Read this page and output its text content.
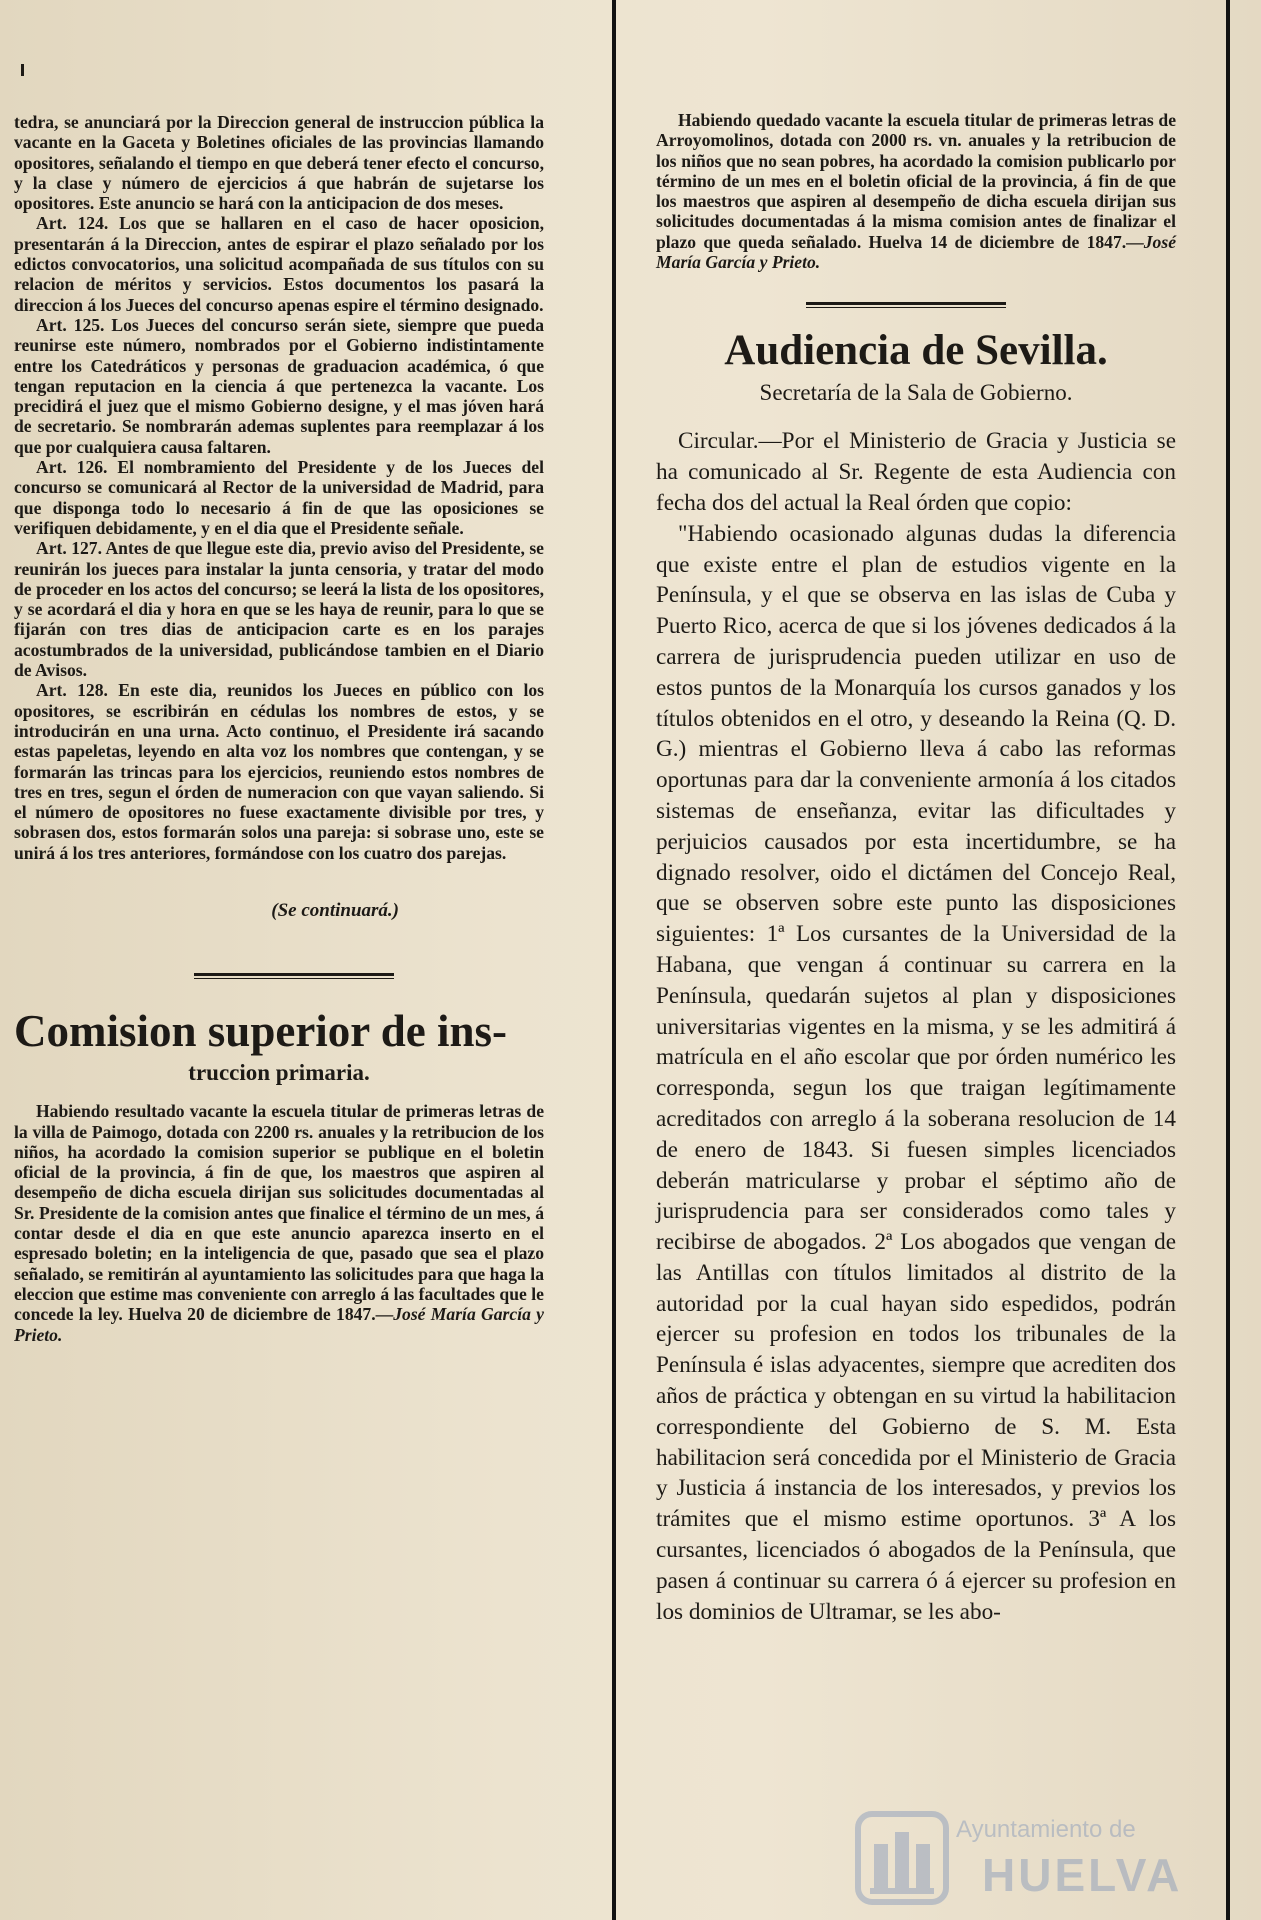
tedra, se anunciará por la Direccion general de instruccion pública la vacante en la Gaceta y Boletines oficiales de las provincias llamando opositores, señalando el tiempo en que deberá tener efecto el concurso, y la clase y número de ejercicios á que habrán de sujetarse los opositores. Este anuncio se hará con la anticipacion de dos meses.

Art. 124. Los que se hallaren en el caso de hacer oposicion, presentarán á la Direccion, antes de espirar el plazo señalado por los edictos convocatorios, una solicitud acompañada de sus títulos con su relacion de méritos y servicios. Estos documentos los pasará la direccion á los Jueces del concurso apenas espire el término designado.

Art. 125. Los Jueces del concurso serán siete, siempre que pueda reunirse este número, nombrados por el Gobierno indistintamente entre los Catedráticos y personas de graduacion académica, ó que tengan reputacion en la ciencia á que pertenezca la vacante. Los precidirá el juez que el mismo Gobierno designe, y el mas jóven hará de secretario. Se nombrarán ademas suplentes para reemplazar á los que por cualquiera causa faltaren.

Art. 126. El nombramiento del Presidente y de los Jueces del concurso se comunicará al Rector de la universidad de Madrid, para que disponga todo lo necesario á fin de que las oposiciones se verifiquen debidamente, y en el dia que el Presidente señale.

Art. 127. Antes de que llegue este dia, previo aviso del Presidente, se reunirán los jueces para instalar la junta censoria, y tratar del modo de proceder en los actos del concurso; se leerá la lista de los opositores, y se acordará el dia y hora en que se les haya de reunir, para lo que se fijarán con tres dias de anticipacion carte es en los parajes acostumbrados de la universidad, publicándose tambien en el Diario de Avisos.

Art. 128. En este dia, reunidos los Jueces en público con los opositores, se escribirán en cédulas los nombres de estos, y se introducirán en una urna. Acto continuo, el Presidente irá sacando estas papeletas, leyendo en alta voz los nombres que contengan, y se formarán las trincas para los ejercicios, reuniendo estos nombres de tres en tres, segun el órden de numeracion con que vayan saliendo. Si el número de opositores no fuese exactamente divisible por tres, y sobrasen dos, estos formarán solos una pareja: si sobrase uno, este se unirá á los tres anteriores, formándose con los cuatro dos parejas.

(Se continuará.)

Comision superior de ins-

truccion primaria.

Habiendo resultado vacante la escuela titular de primeras letras de la villa de Paimogo, dotada con 2200 rs. anuales y la retribucion de los niños, ha acordado la comision superior se publique en el boletin oficial de la provincia, á fin de que, los maestros que aspiren al desempeño de dicha escuela dirijan sus solicitudes documentadas al Sr. Presidente de la comision antes que finalice el término de un mes, á contar desde el dia en que este anuncio aparezca inserto en el espresado boletin; en la inteligencia de que, pasado que sea el plazo señalado, se remitirán al ayuntamiento las solicitudes para que haga la eleccion que estime mas conveniente con arreglo á las facultades que le concede la ley. Huelva 20 de diciembre de 1847.—José María García y Prieto.

Habiendo quedado vacante la escuela titular de primeras letras de Arroyomolinos, dotada con 2000 rs. vn. anuales y la retribucion de los niños que no sean pobres, ha acordado la comision publicarlo por término de un mes en el boletin oficial de la provincia, á fin de que los maestros que aspiren al desempeño de dicha escuela dirijan sus solicitudes documentadas á la misma comision antes de finalizar el plazo que queda señalado. Huelva 14 de diciembre de 1847.—José María García y Prieto.

Audiencia de Sevilla.

Secretaría de la Sala de Gobierno.

Circular.—Por el Ministerio de Gracia y Justicia se ha comunicado al Sr. Regente de esta Audiencia con fecha dos del actual la Real órden que copio:

"Habiendo ocasionado algunas dudas la diferencia que existe entre el plan de estudios vigente en la Península, y el que se observa en las islas de Cuba y Puerto Rico, acerca de que si los jóvenes dedicados á la carrera de jurisprudencia pueden utilizar en uso de estos puntos de la Monarquía los cursos ganados y los títulos obtenidos en el otro, y deseando la Reina (Q. D. G.) mientras el Gobierno lleva á cabo las reformas oportunas para dar la conveniente armonía á los citados sistemas de enseñanza, evitar las dificultades y perjuicios causados por esta incertidumbre, se ha dignado resolver, oido el dictámen del Concejo Real, que se observen sobre este punto las disposiciones siguientes: 1ª Los cursantes de la Universidad de la Habana, que vengan á continuar su carrera en la Península, quedarán sujetos al plan y disposiciones universitarias vigentes en la misma, y se les admitirá á matrícula en el año escolar que por órden numérico les corresponda, segun los que traigan legítimamente acreditados con arreglo á la soberana resolucion de 14 de enero de 1843. Si fuesen simples licenciados deberán matricularse y probar el séptimo año de jurisprudencia para ser considerados como tales y recibirse de abogados. 2ª Los abogados que vengan de las Antillas con títulos limitados al distrito de la autoridad por la cual hayan sido espedidos, podrán ejercer su profesion en todos los tribunales de la Península é islas adyacentes, siempre que acrediten dos años de práctica y obtengan en su virtud la habilitacion correspondiente del Gobierno de S. M. Esta habilitacion será concedida por el Ministerio de Gracia y Justicia á instancia de los interesados, y previos los trámites que el mismo estime oportunos. 3ª A los cursantes, licenciados ó abogados de la Península, que pasen á continuar su carrera ó á ejercer su profesion en los dominios de Ultramar, se les abo-

Ayuntamiento de
HUELVA
